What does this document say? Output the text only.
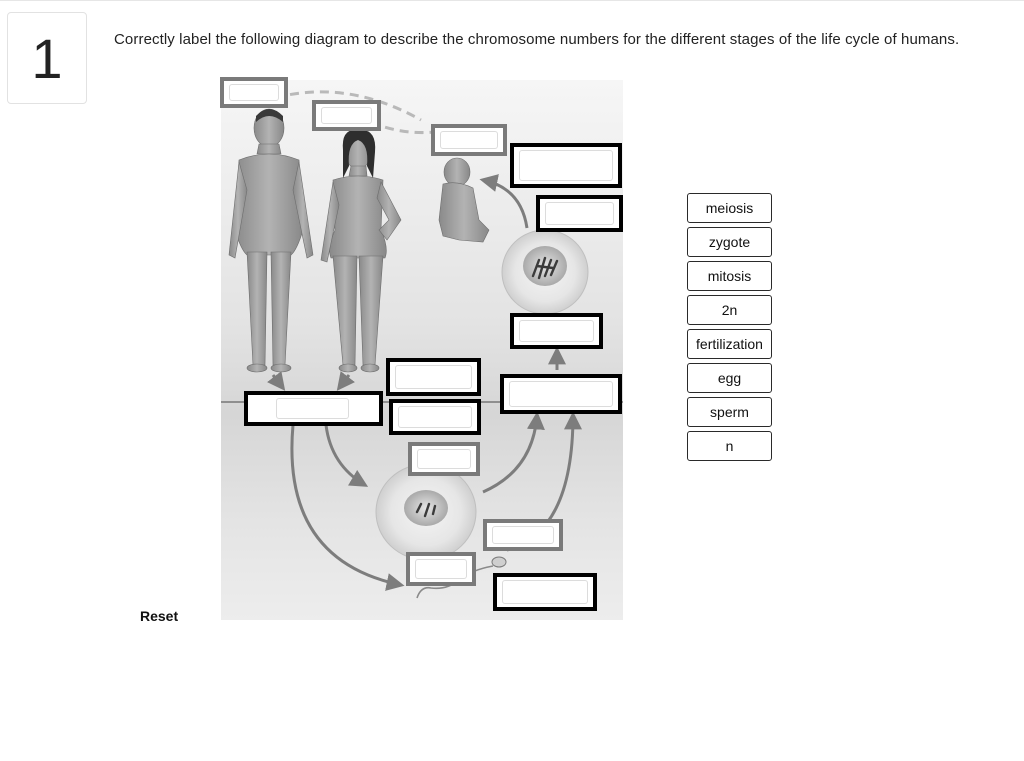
1	Correctly label the following diagram to describe the chromosome numbers for the different stages of the life cycle of humans.
meiosis
zygote
mitosis
2n
fertilization
egg
sperm
n
Reset
